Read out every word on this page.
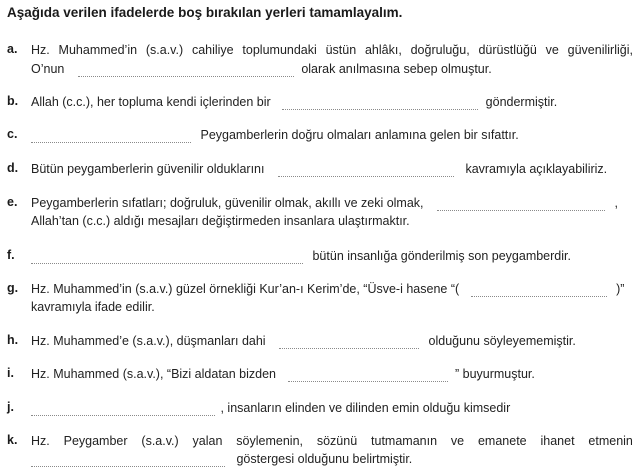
Aşağıda verilen ifadelerde boş bırakılan yerleri tamamlayalım.
a. Hz. Muhammed’in (s.a.v.) cahiliye toplumundaki üstün ahlâkı, doğruluğu, dürüstlüğü ve güvenilirliği,
O’nun	olarak anılmasına sebep olmuştur.
b. Allah (c.c.), her topluma kendi içlerinden bir	göndermiştir.
c.	Peygamberlerin doğru olmaları anlamına gelen bir sıfattır.
d. Bütün peygamberlerin güvenilir olduklarını	kavramıyla açıklayabiliriz.
e. Peygamberlerin sıfatları; doğruluk, güvenilir olmak, akıllı ve zeki olmak,	,
Allah’tan (c.c.) aldığı mesajları değiştirmeden insanlara ulaştırmaktır.
f.	bütün insanlığa gönderilmiş son peygamberdir.
g. Hz. Muhammed’in (s.a.v.) güzel örnekliği Kur’an-ı Kerim’de, “Üsve-i hasene “(	)”
kavramıyla ifade edilir.
h. Hz. Muhammed’e (s.a.v.), düşmanları dahi	olduğunu söyleyememiştir.
i. Hz. Muhammed (s.a.v.), “Bizi aldatan bizden	” buyurmuştur.
j.	, insanların elinden ve dilinden emin olduğu kimsedir
k. Hz. Peygamber (s.a.v.) yalan söylemenin, sözünü tutmamanın ve emanete ihanet etmenin
göstergesi olduğunu belirtmiştir.
